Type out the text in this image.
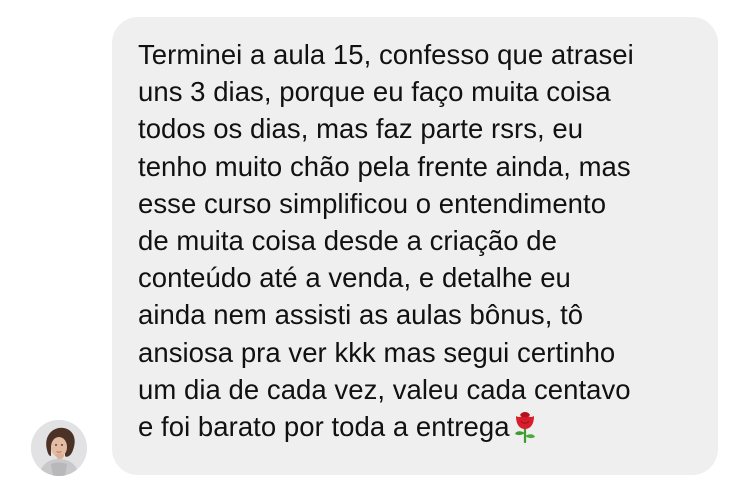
Terminei a aula 15, confesso que atrasei
uns 3 dias, porque eu faço muita coisa
todos os dias, mas faz parte rsrs, eu
tenho muito chão pela frente ainda, mas
esse curso simplificou o entendimento
de muita coisa desde a criação de
conteúdo até a venda, e detalhe eu
ainda nem assisti as aulas bônus, tô
ansiosa pra ver kkk mas segui certinho
um dia de cada vez, valeu cada centavo
e foi barato por toda a entrega
